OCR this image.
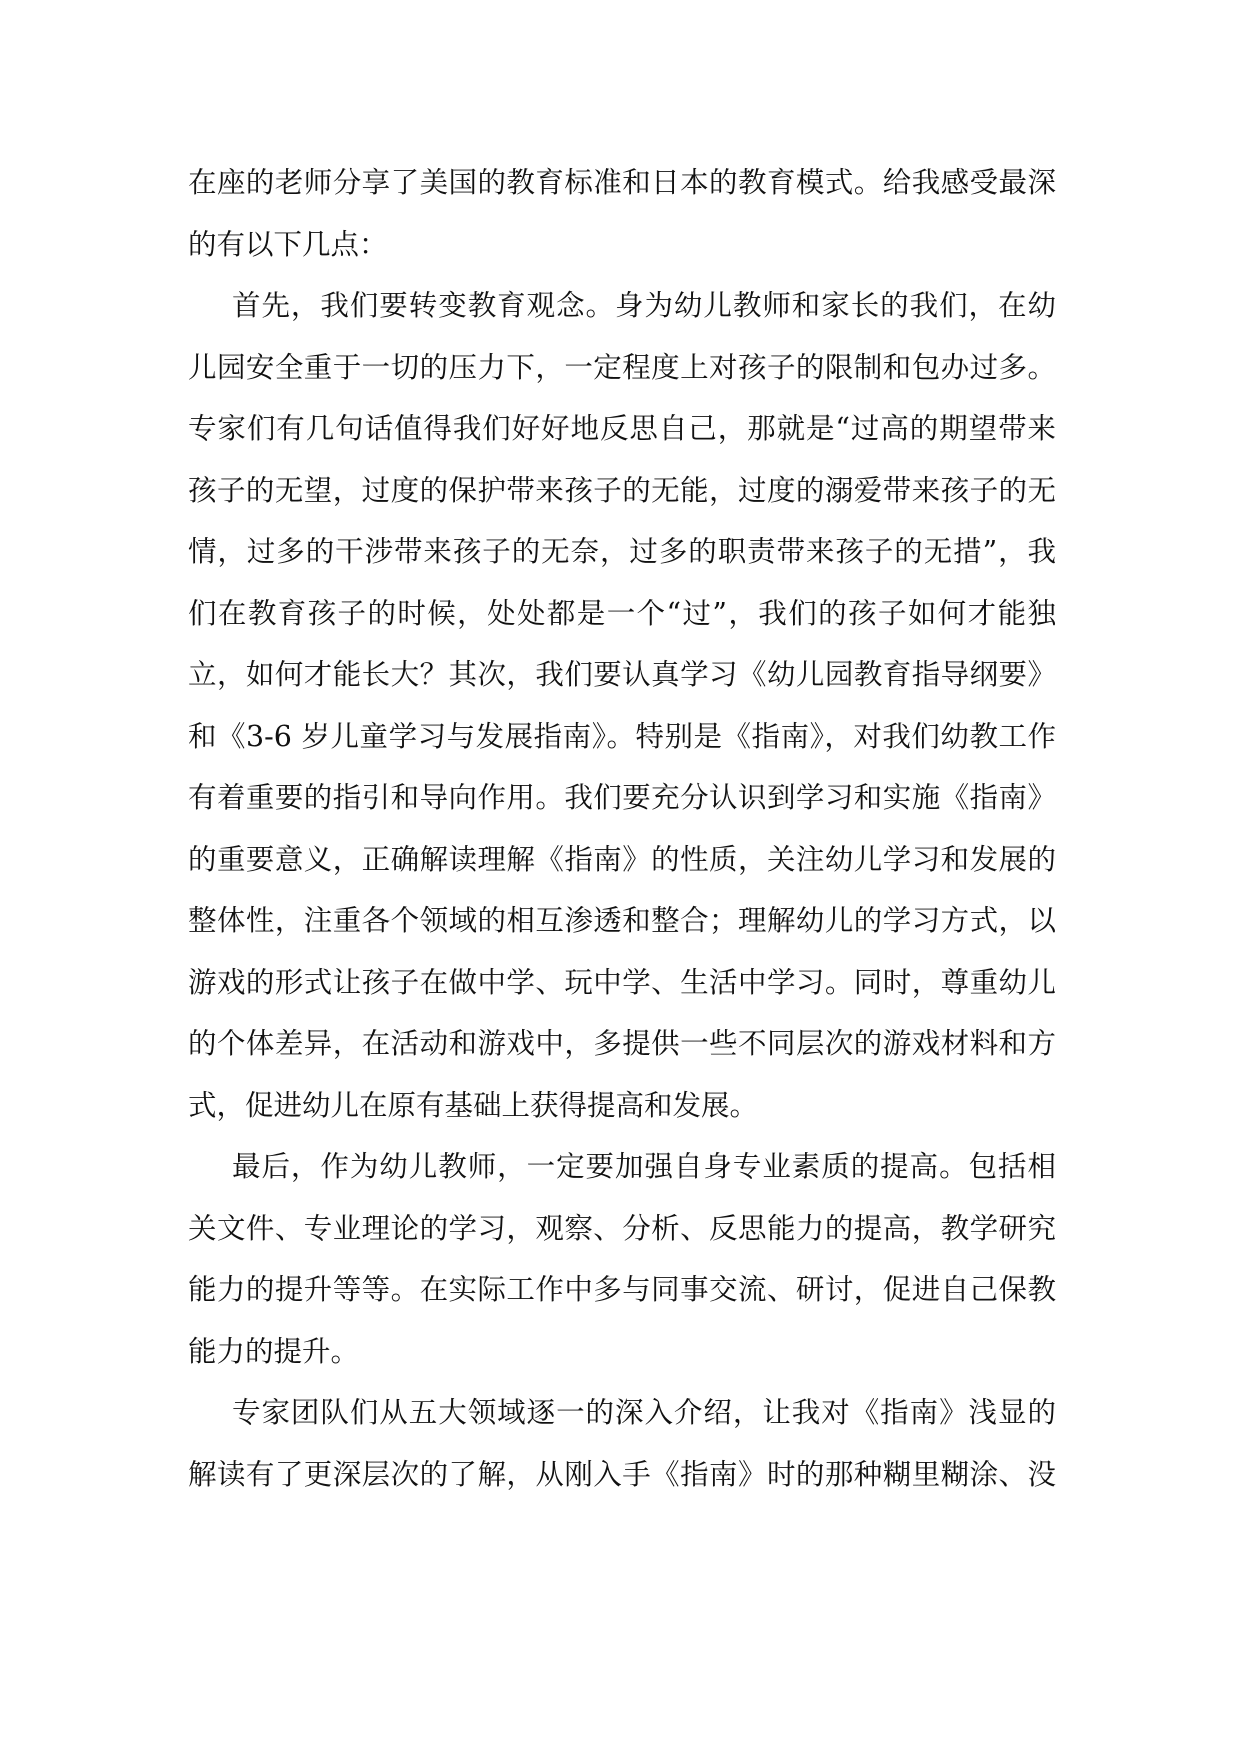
在座的老师分享了美国的教育标准和日本的教育模式。给我感受最深
的有以下几点：
首先，我们要转变教育观念。身为幼儿教师和家长的我们，在幼
儿园安全重于一切的压力下，一定程度上对孩子的限制和包办过多。
专家们有几句话值得我们好好地反思自己，那就是“过高的期望带来
孩子的无望，过度的保护带来孩子的无能，过度的溺爱带来孩子的无
情，过多的干涉带来孩子的无奈，过多的职责带来孩子的无措”，我
们在教育孩子的时候，处处都是一个“过”，我们的孩子如何才能独
立，如何才能长大？其次，我们要认真学习《幼儿园教育指导纲要》
和《3-6 岁儿童学习与发展指南》。特别是《指南》，对我们幼教工作
有着重要的指引和导向作用。我们要充分认识到学习和实施《指南》
的重要意义，正确解读理解《指南》的性质，关注幼儿学习和发展的
整体性，注重各个领域的相互渗透和整合；理解幼儿的学习方式，以
游戏的形式让孩子在做中学、玩中学、生活中学习。同时，尊重幼儿
的个体差异，在活动和游戏中，多提供一些不同层次的游戏材料和方
式，促进幼儿在原有基础上获得提高和发展。
最后，作为幼儿教师，一定要加强自身专业素质的提高。包括相
关文件、专业理论的学习，观察、分析、反思能力的提高，教学研究
能力的提升等等。在实际工作中多与同事交流、研讨，促进自己保教
能力的提升。
专家团队们从五大领域逐一的深入介绍，让我对《指南》浅显的
解读有了更深层次的了解，从刚入手《指南》时的那种糊里糊涂、没
